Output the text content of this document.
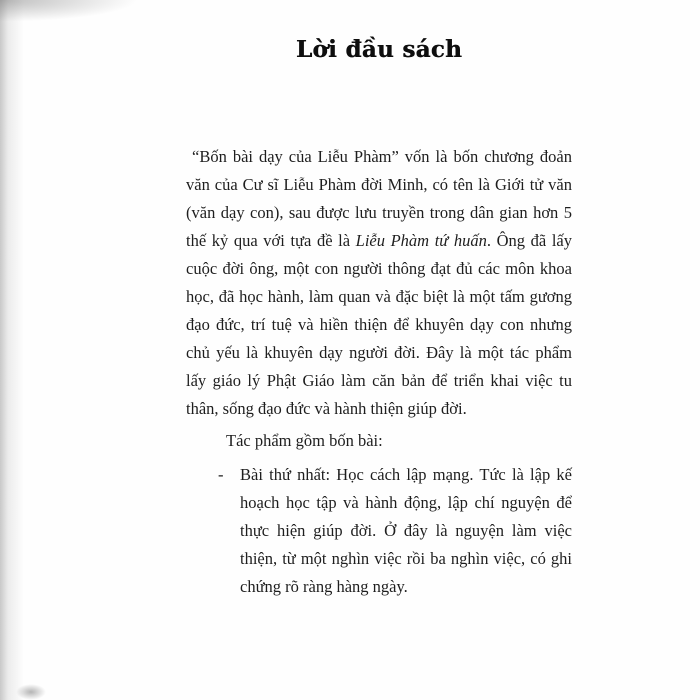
Lời đầu sách

“Bốn bài dạy của Liễu Phàm” vốn là bốn chương đoản văn của Cư sĩ Liễu Phàm đời Minh, có tên là Giới tử văn (văn dạy con), sau được lưu truyền trong dân gian hơn 5 thế kỷ qua với tựa đề là Liễu Phàm tứ huấn. Ông đã lấy cuộc đời ông, một con người thông đạt đủ các môn khoa học, đã học hành, làm quan và đặc biệt là một tấm gương đạo đức, trí tuệ và hiền thiện để khuyên dạy con nhưng chủ yếu là khuyên dạy người đời. Đây là một tác phẩm lấy giáo lý Phật Giáo làm căn bản để triển khai việc tu thân, sống đạo đức và hành thiện giúp đời.

Tác phẩm gồm bốn bài:

- Bài thứ nhất: Học cách lập mạng. Tức là lập kế hoạch học tập và hành động, lập chí nguyện để thực hiện giúp đời. Ở đây là nguyện làm việc thiện, từ một nghìn việc rồi ba nghìn việc, có ghi chứng rõ ràng hàng ngày.
